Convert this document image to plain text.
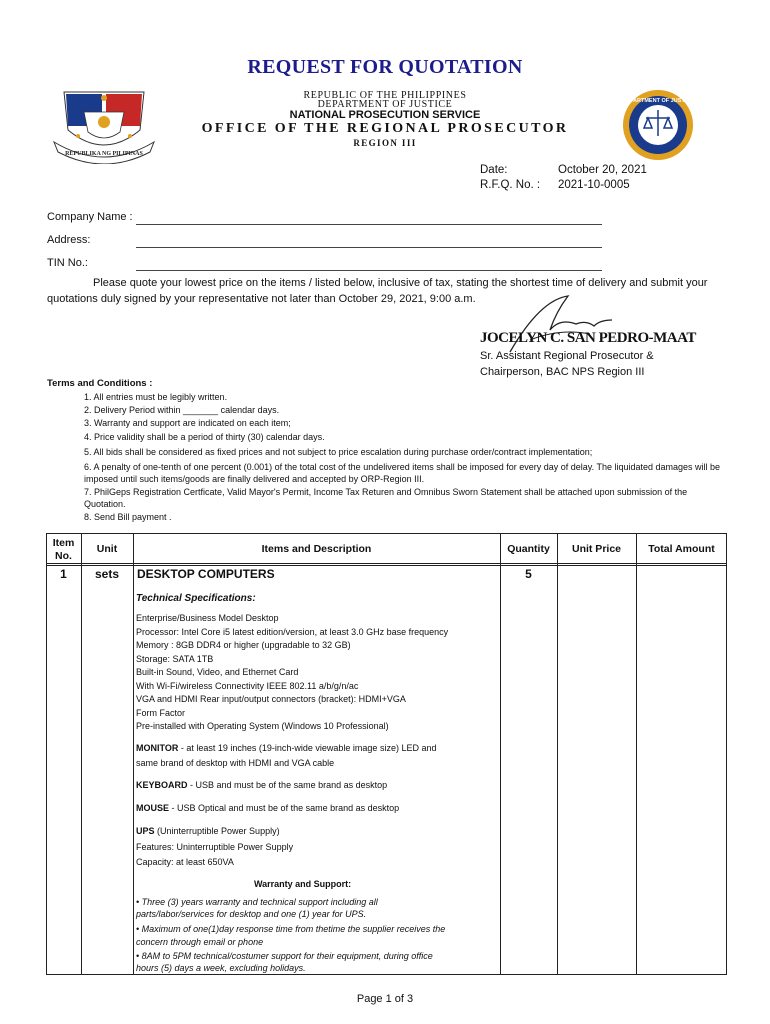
REQUEST FOR QUOTATION
REPUBLIC OF THE PHILIPPINES
DEPARTMENT OF JUSTICE
NATIONAL PROSECUTION SERVICE
OFFICE OF THE REGIONAL PROSECUTOR
REGION III
REPUBLIKA NG PILIPINAS
DEPARTMENT OF JUSTICE
Date:	October 20, 2021
R.F.Q. No. : 2021-10-0005
Company Name :
Address:
TIN No.:
Please quote your lowest price on the items / listed below, inclusive of tax, stating the shortest time of delivery and submit your quotations duly signed by your representative not later than October 29, 2021, 9:00 a.m.
JOCELYN C. SAN PEDRO-MAAT
Sr. Assistant Regional Prosecutor &
Chairperson, BAC NPS Region III
Terms and Conditions :
1. All entries must be legibly written.
2. Delivery Period within _______ calendar days.
3. Warranty and support are indicated on each item;
4. Price validity shall be a period of thirty (30) calendar days.
5. All bids shall be considered as fixed prices and not subject to price escalation during purchase order/contract implementation;
6. A penalty of one-tenth of one percent (0.001) of the total cost of the undelivered items shall be imposed for every day of delay. The liquidated damages will be imposed until such items/goods are finally delivered and accepted by ORP-Region III.
7. PhilGeps Registration Certficate, Valid Mayor's Permit, Income Tax Returen and Omnibus Sworn Statement shall be attached upon submission of the Quotation.
8. Send Bill payment .
Item
No.
Unit	Items and Description	Quantity	Unit Price	Total Amount
1	sets	DESKTOP COMPUTERS	5
Technical Specifications:
Enterprise/Business Model Desktop
Processor: Intel Core i5 latest edition/version, at least 3.0 GHz base frequency
Memory : 8GB DDR4 or higher (upgradable to 32 GB)
Storage: SATA 1TB
Built-in Sound, Video, and Ethernet Card
With Wi-Fi/wireless Connectivity IEEE 802.11 a/b/g/n/ac
VGA and HDMI Rear input/output connectors (bracket): HDMI+VGA
Form Factor
Pre-installed with Operating System (Windows 10 Professional)
MONITOR - at least 19 inches (19-inch-wide viewable image size) LED and
same brand of desktop with HDMI and VGA cable
KEYBOARD - USB and must be of the same brand as desktop
MOUSE - USB Optical and must be of the same brand as desktop
UPS (Uninterruptible Power Supply)
Features: Uninterruptible Power Supply
Capacity: at least 650VA
Warranty and Support:
• Three (3) years warranty and technical support including all
parts/labor/services for desktop and one (1) year for UPS.
• Maximum of one(1)day response time from thetime the supplier receives the
concern through email or phone
• 8AM to 5PM technical/costumer support for their equipment, during office
hours (5) days a week, excluding holidays.
Page 1 of 3
